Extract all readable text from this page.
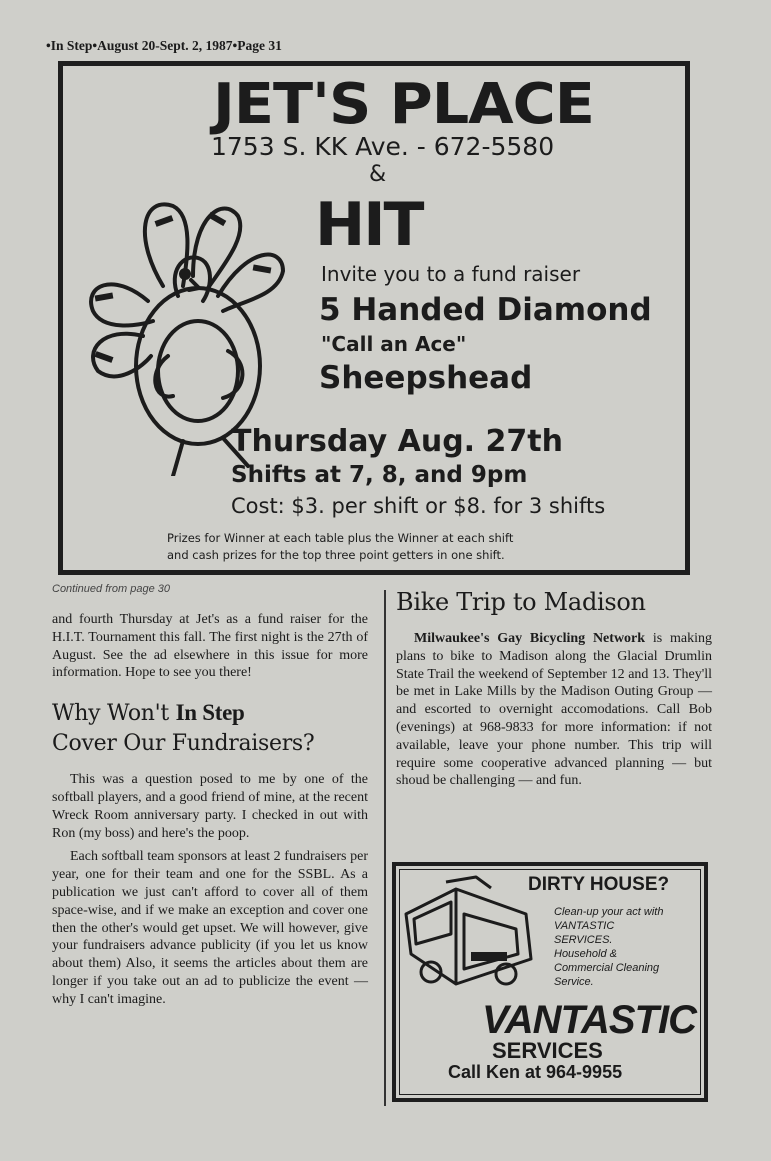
•In Step•August 20-Sept. 2, 1987•Page 31
JET'S PLACE
1753 S. KK Ave. - 672-5580
&
HIT
Invite you to a fund raiser
5 Handed Diamond
"Call an Ace"
Sheepshead
Thursday Aug. 27th
Shifts at 7, 8, and 9pm
Cost: $3. per shift or $8. for 3 shifts
Prizes for Winner at each table plus the Winner at each shift
and cash prizes for the top three point getters in one shift.
Continued from page 30

and fourth Thursday at Jet's as a fund raiser for the H.I.T. Tournament this fall. The first night is the 27th of August. See the ad elsewhere in this issue for more information. Hope to see you there!

Why Won't In Step
Cover Our Fundraisers?

This was a question posed to me by one of the softball players, and a good friend of mine, at the recent Wreck Room anniversary party. I checked in out with Ron (my boss) and here's the poop.

Each softball team sponsors at least 2 fundraisers per year, one for their team and one for the SSBL. As a publication we just can't afford to cover all of them space-wise, and if we make an exception and cover one then the other's would get upset. We will however, give your fundraisers advance publicity (if you let us know about them) Also, it seems the articles about them are longer if you take out an ad to publicize the event — why I can't imagine.

Bike Trip to Madison

Milwaukee's Gay Bicycling Network is making plans to bike to Madison along the Glacial Drumlin State Trail the weekend of September 12 and 13. They'll be met in Lake Mills by the Madison Outing Group — and escorted to overnight accomodations. Call Bob (evenings) at 968-9833 for more information: if not available, leave your phone number. This trip will require some cooperative advanced planning — but shoud be challenging — and fun.

DIRTY HOUSE?
Clean-up your act with
VANTASTIC
SERVICES.
Household &
Commercial Cleaning
Service.
VANTASTIC
SERVICES
Call Ken at 964-9955
